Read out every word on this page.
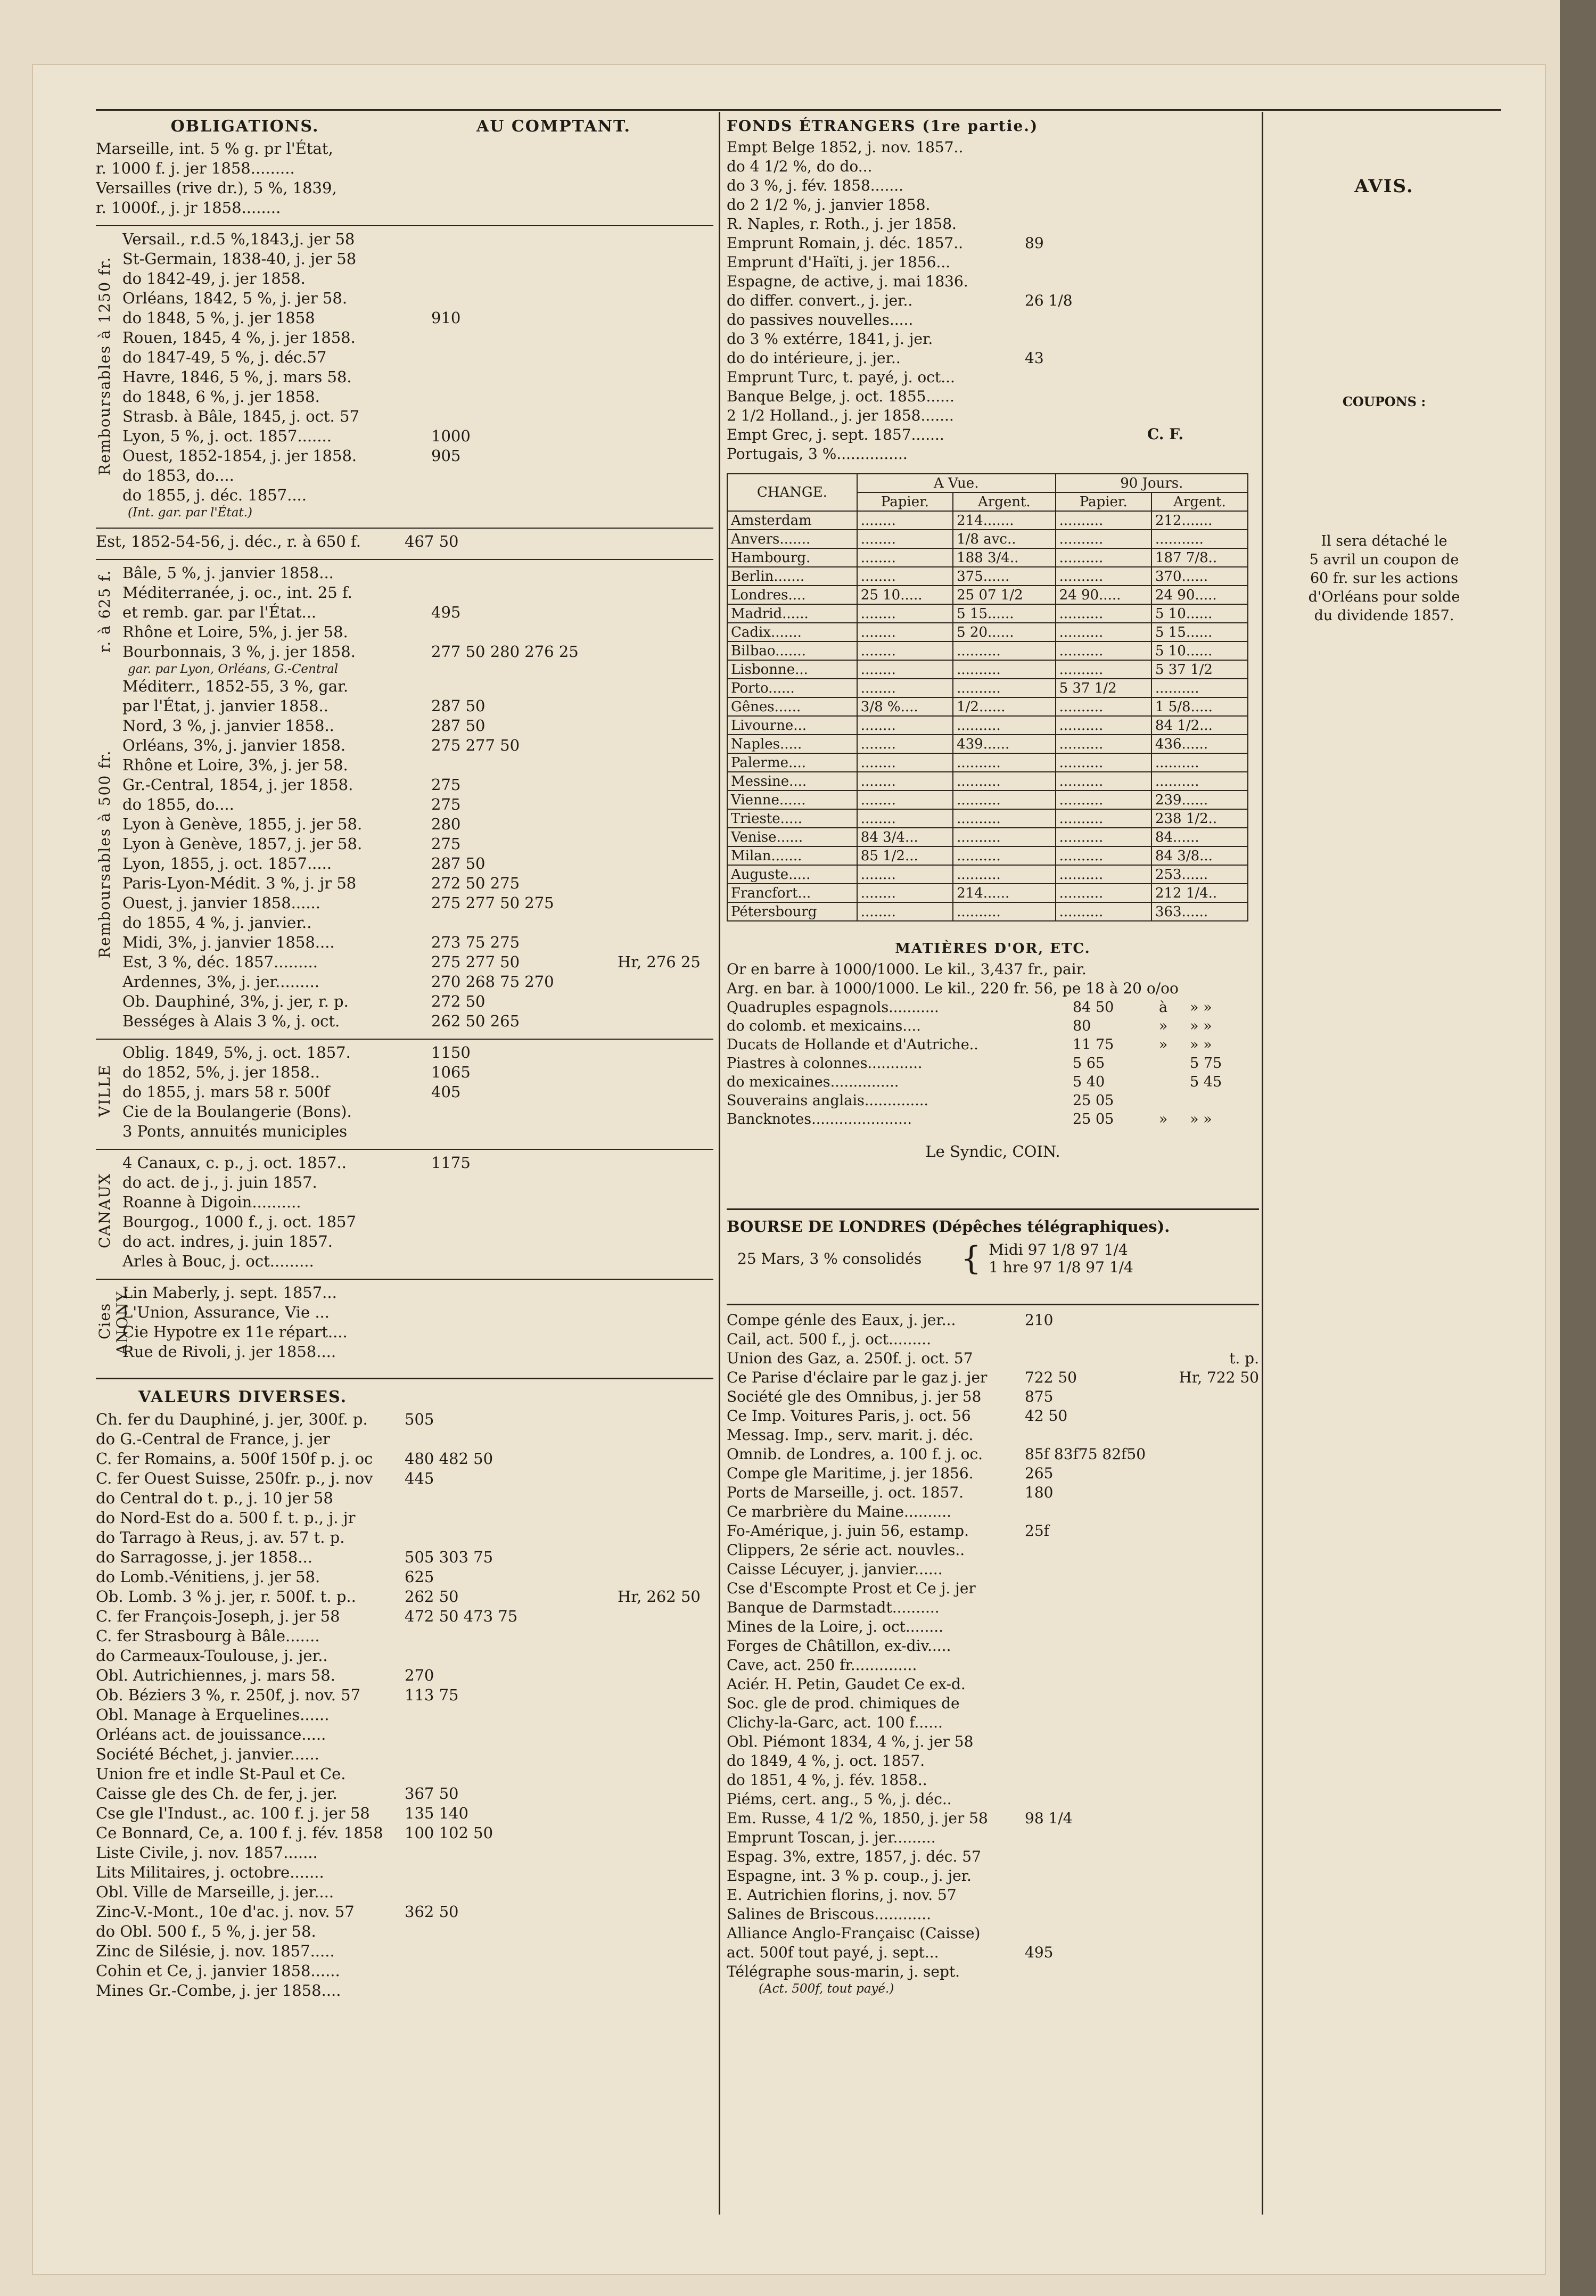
OBLIGATIONS.	AU COMPTANT.
Marseille, int. 5 % g. pr l'État,
r. 1000 f. j. jer 1858.........
Versailles (rive dr.), 5 %, 1839,
r. 1000f., j. jr 1858........
Versail., r.d.5 %,1843,j. jer 58
St-Germain, 1838-40, j. jer 58
do 1842-49, j. jer 1858.
Orléans, 1842, 5 %, j. jer 58.
do 1848, 5 %, j. jer 1858	910
Rouen, 1845, 4 %, j. jer 1858.
do 1847-49, 5 %, j. déc.57
Havre, 1846, 5 %, j. mars 58.
do 1848, 6 %, j. jer 1858.
Strasb. à Bâle, 1845, j. oct. 57
Lyon, 5 %, j. oct. 1857.......	1000
Ouest, 1852-1854, j. jer 1858.	905
do 1853, do....
do 1855, j. déc. 1857....
Remboursables à 1250 fr.
(Int. gar. par l'État.)
Est, 1852-54-56, j. déc., r. à 650 f.	467 50
Bâle, 5 %, j. janvier 1858...
Méditerranée, j. oc., int. 25 f.
et remb. gar. par l'État...	495
Rhône et Loire, 5%, j. jer 58.
Bourbonnais, 3 %, j. jer 1858.	277 50 280 276 25
r. à 625 f.
gar. par Lyon, Orléans, G.-Central
Méditerr., 1852-55, 3 %, gar.
par l'État, j. janvier 1858..	287 50
Nord, 3 %, j. janvier 1858..	287 50
Orléans, 3%, j. janvier 1858.	275 277 50
Rhône et Loire, 3%, j. jer 58.
Gr.-Central, 1854, j. jer 1858.	275
do 1855, do....	275
Lyon à Genève, 1855, j. jer 58.	280
Lyon à Genève, 1857, j. jer 58.	275
Lyon, 1855, j. oct. 1857.....	287 50
Paris-Lyon-Médit. 3 %, j. jr 58	272 50 275
Ouest, j. janvier 1858......	275 277 50 275
do 1855, 4 %, j. janvier..
Midi, 3%, j. janvier 1858....	273 75 275
Est, 3 %, déc. 1857.........	275 277 50	Hr, 276 25
Ardennes, 3%, j. jer.........	270 268 75 270
Ob. Dauphiné, 3%, j. jer, r. p.	272 50
Bességes à Alais 3 %, j. oct.	262 50 265
Remboursables à 500 fr.
Oblig. 1849, 5%, j. oct. 1857.	1150
do 1852, 5%, j. jer 1858..	1065
do 1855, j. mars 58 r. 500f	405
Cie de la Boulangerie (Bons).
3 Ponts, annuités municiples
VILLE
4 Canaux, c. p., j. oct. 1857..	1175
do act. de j., j. juin 1857.
Roanne à Digoin..........
Bourgog., 1000 f., j. oct. 1857
do act. indres, j. juin 1857.
Arles à Bouc, j. oct.........
CANAUX
Lin Maberly, j. sept. 1857...
L'Union, Assurance, Vie ...
Cie Hypotre ex 11e répart....
Rue de Rivoli, j. jer 1858....
Cies ANONY.
VALEURS DIVERSES.
Ch. fer du Dauphiné, j. jer, 300f. p.	505
do G.-Central de France, j. jer
C. fer Romains, a. 500f 150f p. j. oc	480 482 50
C. fer Ouest Suisse, 250fr. p., j. nov	445
do Central do t. p., j. 10 jer 58
do Nord-Est do a. 500 f. t. p., j. jr
do Tarrago à Reus, j. av. 57 t. p.
do Sarragosse, j. jer 1858...	505 303 75
do Lomb.-Vénitiens, j. jer 58.	625
Ob. Lomb. 3 % j. jer, r. 500f. t. p..	262 50	Hr, 262 50
C. fer François-Joseph, j. jer 58	472 50 473 75
C. fer Strasbourg à Bâle.......
do Carmeaux-Toulouse, j. jer..
Obl. Autrichiennes, j. mars 58.	270
Ob. Béziers 3 %, r. 250f, j. nov. 57	113 75
Obl. Manage à Erquelines......
Orléans act. de jouissance.....
Société Béchet, j. janvier......
Union fre et indle St-Paul et Ce.
Caisse gle des Ch. de fer, j. jer.	367 50
Cse gle l'Indust., ac. 100 f. j. jer 58	135 140
Ce Bonnard, Ce, a. 100 f. j. fév. 1858	100 102 50
Liste Civile, j. nov. 1857.......
Lits Militaires, j. octobre.......
Obl. Ville de Marseille, j. jer....
Zinc-V.-Mont., 10e d'ac. j. nov. 57	362 50
do Obl. 500 f., 5 %, j. jer 58.
Zinc de Silésie, j. nov. 1857.....
Cohin et Ce, j. janvier 1858......
Mines Gr.-Combe, j. jer 1858....
FONDS ÉTRANGERS (1re partie.)
Empt Belge 1852, j. nov. 1857..
do 4 1/2 %, do do...
do 3 %, j. fév. 1858.......
do 2 1/2 %, j. janvier 1858.
R. Naples, r. Roth., j. jer 1858.
Emprunt Romain, j. déc. 1857..	89
Emprunt d'Haïti, j. jer 1856...
Espagne, de active, j. mai 1836.
do differ. convert., j. jer..	26 1/8
do passives nouvelles.....
do 3 % extérre, 1841, j. jer.
do do intérieure, j. jer..	43
Emprunt Turc, t. payé, j. oct...
Banque Belge, j. oct. 1855......
2 1/2 Holland., j. jer 1858.......
Empt Grec, j. sept. 1857.......
Portugais, 3 %...............
C. F.
CHANGE.	A Vue.		90 Jours.	
	Papier.	Argent.	Papier.	Argent.
Amsterdam	........	214.......	..........	212.......
Anvers.......	........	1/8 avc..	..........	...........
Hambourg.	........	188 3/4..	..........	187 7/8..
Berlin.......	........	375......	..........	370......
Londres....	25 10.....	25 07 1/2	24 90.....	24 90.....
Madrid......	........	5 15......	..........	5 10......
Cadix.......	........	5 20......	..........	5 15......
Bilbao.......	........	..........	..........	5 10......
Lisbonne...	........	..........	..........	5 37 1/2
Porto......	........	..........	5 37 1/2	..........
Gênes......	3/8 %....	1/2......	..........	1 5/8.....
Livourne...	........	..........	..........	84 1/2...
Naples.....	........	439......	..........	436......
Palerme....	........	..........	..........	..........
Messine....	........	..........	..........	..........
Vienne......	........	..........	..........	239......
Trieste.....	........	..........	..........	238 1/2..
Venise......	84 3/4...	..........	..........	84......
Milan.......	85 1/2...	..........	..........	84 3/8...
Auguste.....	........	..........	..........	253......
Francfort...	........	214......	..........	212 1/4..
Pétersbourg	........	..........	..........	363......
MATIÈRES D'OR, ETC.
Or en barre à 1000/1000. Le kil., 3,437 fr., pair.
Arg. en bar. à 1000/1000. Le kil., 220 fr. 56, pe 18 à 20 o/oo
Quadruples espagnols...........	84 50	à	» »
do colomb. et mexicains....	80	»	» »
Ducats de Hollande et d'Autriche..	11 75	»	» »
Piastres à colonnes............	5 65	5 75
do mexicaines...............	5 40	5 45
Souverains anglais..............	25 05
Bancknotes......................	25 05	»	» »
Le Syndic, COIN.
BOURSE DE LONDRES (Dépêches télégraphiques).
25 Mars, 3 % consolidés	{ Midi 97 1/8 97 1/4
1 hre 97 1/8 97 1/4
Compe génle des Eaux, j. jer...	210
Cail, act. 500 f., j. oct.........
Union des Gaz, a. 250f. j. oct. 57	t. p.
Ce Parise d'éclaire par le gaz j. jer	722 50	Hr, 722 50
Société gle des Omnibus, j. jer 58	875
Ce Imp. Voitures Paris, j. oct. 56	42 50
Messag. Imp., serv. marit. j. déc.
Omnib. de Londres, a. 100 f. j. oc.	85f 83f75 82f50
Compe gle Maritime, j. jer 1856.	265
Ports de Marseille, j. oct. 1857.	180
Ce marbrière du Maine..........
Fo-Amérique, j. juin 56, estamp.	25f
Clippers, 2e série act. nouvles..
Caisse Lécuyer, j. janvier......
Cse d'Escompte Prost et Ce j. jer
Banque de Darmstadt..........
Mines de la Loire, j. oct........
Forges de Châtillon, ex-div.....
Cave, act. 250 fr..............
Aciér. H. Petin, Gaudet Ce ex-d.
Soc. gle de prod. chimiques de
Clichy-la-Garc, act. 100 f......
Obl. Piémont 1834, 4 %, j. jer 58
do 1849, 4 %, j. oct. 1857.
do 1851, 4 %, j. fév. 1858..
Piéms, cert. ang., 5 %, j. déc..
Em. Russe, 4 1/2 %, 1850, j. jer 58	98 1/4
Emprunt Toscan, j. jer.........
Espag. 3%, extre, 1857, j. déc. 57
Espagne, int. 3 % p. coup., j. jer.
E. Autrichien florins, j. nov. 57
Salines de Briscous............
Alliance Anglo-Françaisc (Caisse)
act. 500f tout payé, j. sept...	495
Télégraphe sous-marin, j. sept.
(Act. 500f, tout payé.)
AVIS.
COUPONS :
Il sera détaché le
5 avril un coupon de
60 fr. sur les actions
d'Orléans pour solde
du dividende 1857.
